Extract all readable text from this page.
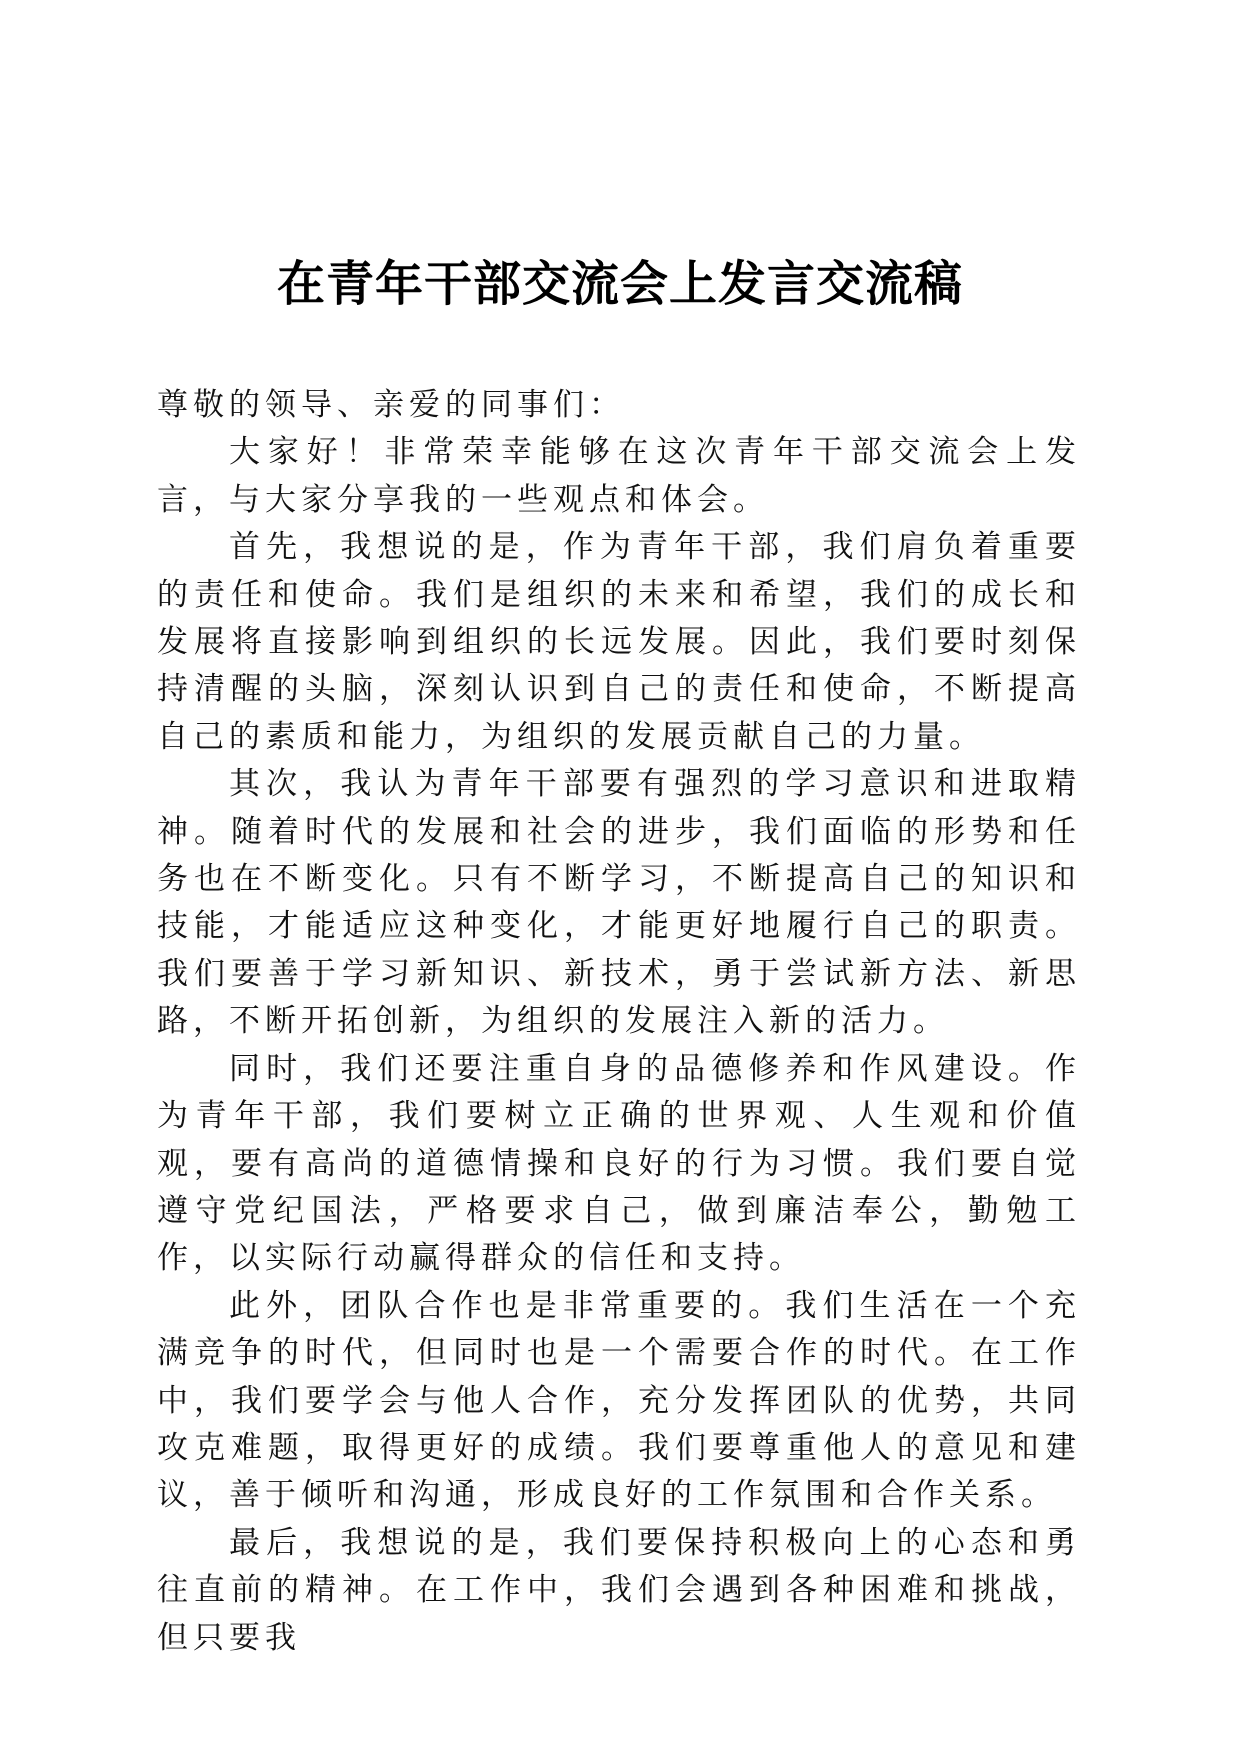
在青年干部交流会上发言交流稿

尊敬的领导、亲爱的同事们：

大家好！非常荣幸能够在这次青年干部交流会上发言，与大家分享我的一些观点和体会。

首先，我想说的是，作为青年干部，我们肩负着重要的责任和使命。我们是组织的未来和希望，我们的成长和发展将直接影响到组织的长远发展。因此，我们要时刻保持清醒的头脑，深刻认识到自己的责任和使命，不断提高自己的素质和能力，为组织的发展贡献自己的力量。

其次，我认为青年干部要有强烈的学习意识和进取精神。随着时代的发展和社会的进步，我们面临的形势和任务也在不断变化。只有不断学习，不断提高自己的知识和技能，才能适应这种变化，才能更好地履行自己的职责。我们要善于学习新知识、新技术，勇于尝试新方法、新思路，不断开拓创新，为组织的发展注入新的活力。

同时，我们还要注重自身的品德修养和作风建设。作为青年干部，我们要树立正确的世界观、人生观和价值观，要有高尚的道德情操和良好的行为习惯。我们要自觉遵守党纪国法，严格要求自己，做到廉洁奉公，勤勉工作，以实际行动赢得群众的信任和支持。

此外，团队合作也是非常重要的。我们生活在一个充满竞争的时代，但同时也是一个需要合作的时代。在工作中，我们要学会与他人合作，充分发挥团队的优势，共同攻克难题，取得更好的成绩。我们要尊重他人的意见和建议，善于倾听和沟通，形成良好的工作氛围和合作关系。

最后，我想说的是，我们要保持积极向上的心态和勇往直前的精神。在工作中，我们会遇到各种困难和挑战，但只要我
